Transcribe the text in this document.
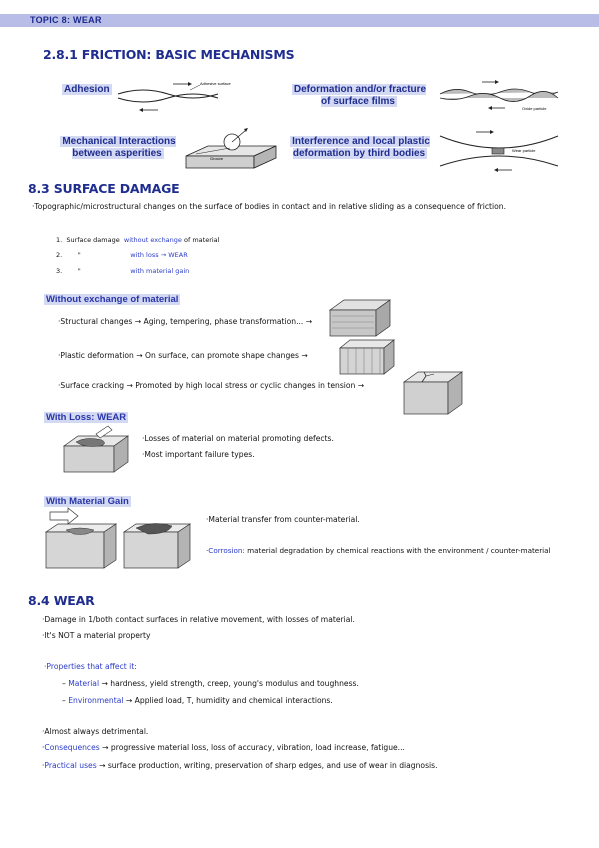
TOPIC 8: WEAR
2.8.1 FRICTION: BASIC MECHANISMS
Adhesion
Adhesive surface
Deformation and/or fracture of surface films
Oxide particle
Mechanical Interactions between asperities	Groove
Interference and local plastic deformation by third bodies	Wear particle
8.3 SURFACE DAMAGE
·Topographic/microstructural changes on the surface of bodies in contact and in relative sliding as a consequence of friction.
1. Surface damage without exchange of material
2. "	with loss → WEAR
3. "	with material gain
Without exchange of material
·Structural changes → Aging, tempering, phase transformation... →
·Plastic deformation → On surface, can promote shape changes →
·Surface cracking → Promoted by high local stress or cyclic changes in tension →
With Loss: WEAR
·Losses of material on material promoting defects.
·Most important failure types.
With Material Gain
·Material transfer from counter-material.
·Corrosion: material degradation by chemical reactions with the environment / counter-material
8.4 WEAR
·Damage in 1/both contact surfaces in relative movement, with losses of material.
·It's NOT a material property
·Properties that affect it:
– Material → hardness, yield strength, creep, young's modulus and toughness.
– Environmental → Applied load, T, humidity and chemical interactions.
·Almost always detrimental.
·Consequences → progressive material loss, loss of accuracy, vibration, load increase, fatigue...
·Practical uses → surface production, writing, preservation of sharp edges, and use of wear in diagnosis.
